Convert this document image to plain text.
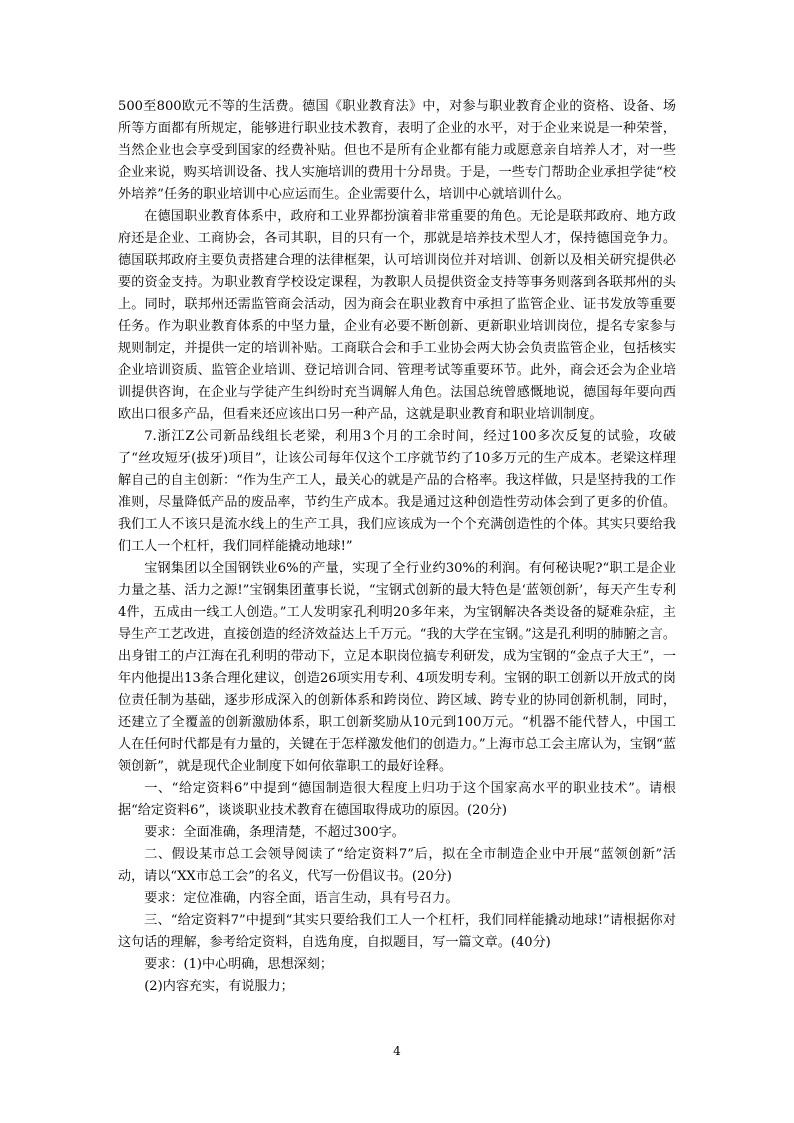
500至800欧元不等的生活费。德国《职业教育法》中，对参与职业教育企业的资格、设备、场所等方面都有所规定，能够进行职业技术教育，表明了企业的水平，对于企业来说是一种荣誉，当然企业也会享受到国家的经费补贴。但也不是所有企业都有能力或愿意亲自培养人才，对一些企业来说，购买培训设备、找人实施培训的费用十分昂贵。于是，一些专门帮助企业承担学徒“校外培养”任务的职业培训中心应运而生。企业需要什么，培训中心就培训什么。

在德国职业教育体系中，政府和工业界都扮演着非常重要的角色。无论是联邦政府、地方政府还是企业、工商协会，各司其职，目的只有一个，那就是培养技术型人才，保持德国竞争力。德国联邦政府主要负责搭建合理的法律框架，认可培训岗位并对培训、创新以及相关研究提供必要的资金支持。为职业教育学校设定课程，为教职人员提供资金支持等事务则落到各联邦州的头上。同时，联邦州还需监管商会活动，因为商会在职业教育中承担了监管企业、证书发放等重要任务。作为职业教育体系的中坚力量，企业有必要不断创新、更新职业培训岗位，提名专家参与规则制定，并提供一定的培训补贴。工商联合会和手工业协会两大协会负责监管企业，包括核实企业培训资质、监管企业培训、登记培训合同、管理考试等重要环节。此外，商会还会为企业培训提供咨询，在企业与学徒产生纠纷时充当调解人角色。法国总统曾感慨地说，德国每年要向西欧出口很多产品，但看来还应该出口另一种产品，这就是职业教育和职业培训制度。

7.浙江Z公司新品线组长老梁，利用3个月的工余时间，经过100多次反复的试验，攻破了“丝攻短牙(拔牙)项目”，让该公司每年仅这个工序就节约了10多万元的生产成本。老梁这样理解自己的自主创新：“作为生产工人，最关心的就是产品的合格率。我这样做，只是坚持我的工作准则，尽量降低产品的废品率，节约生产成本。我是通过这种创造性劳动体会到了更多的价值。我们工人不该只是流水线上的生产工具，我们应该成为一个个充满创造性的个体。其实只要给我们工人一个杠杆，我们同样能撬动地球!”

宝钢集团以全国钢铁业6%的产量，实现了全行业约30%的利润。有何秘诀呢?“职工是企业力量之基、活力之源!”宝钢集团董事长说，“宝钢式创新的最大特色是‘蓝领创新’，每天产生专利4件，五成由一线工人创造。”工人发明家孔利明20多年来，为宝钢解决各类设备的疑难杂症，主导生产工艺改进，直接创造的经济效益达上千万元。“我的大学在宝钢。”这是孔利明的肺腑之言。出身钳工的卢江海在孔利明的带动下，立足本职岗位搞专利研发，成为宝钢的“金点子大王”，一年内他提出13条合理化建议，创造26项实用专利、4项发明专利。宝钢的职工创新以开放式的岗位责任制为基础，逐步形成深入的创新体系和跨岗位、跨区域、跨专业的协同创新机制，同时，还建立了全覆盖的创新激励体系，职工创新奖励从10元到100万元。“机器不能代替人，中国工人在任何时代都是有力量的，关键在于怎样激发他们的创造力。”上海市总工会主席认为，宝钢“蓝领创新”，就是现代企业制度下如何依靠职工的最好诠释。

一、“给定资料6”中提到“德国制造很大程度上归功于这个国家高水平的职业技术”。请根据“给定资料6”，谈谈职业技术教育在德国取得成功的原因。(20分)

要求：全面准确，条理清楚，不超过300字。

二、假设某市总工会领导阅读了“给定资料7”后，拟在全市制造企业中开展“蓝领创新”活动，请以“XX市总工会”的名义，代写一份倡议书。(20分)

要求：定位准确，内容全面，语言生动，具有号召力。

三、“给定资料7”中提到“其实只要给我们工人一个杠杆，我们同样能撬动地球!”请根据你对这句话的理解，参考给定资料，自选角度，自拟题目，写一篇文章。(40分)

要求：(1)中心明确，思想深刻；

(2)内容充实，有说服力；

4
